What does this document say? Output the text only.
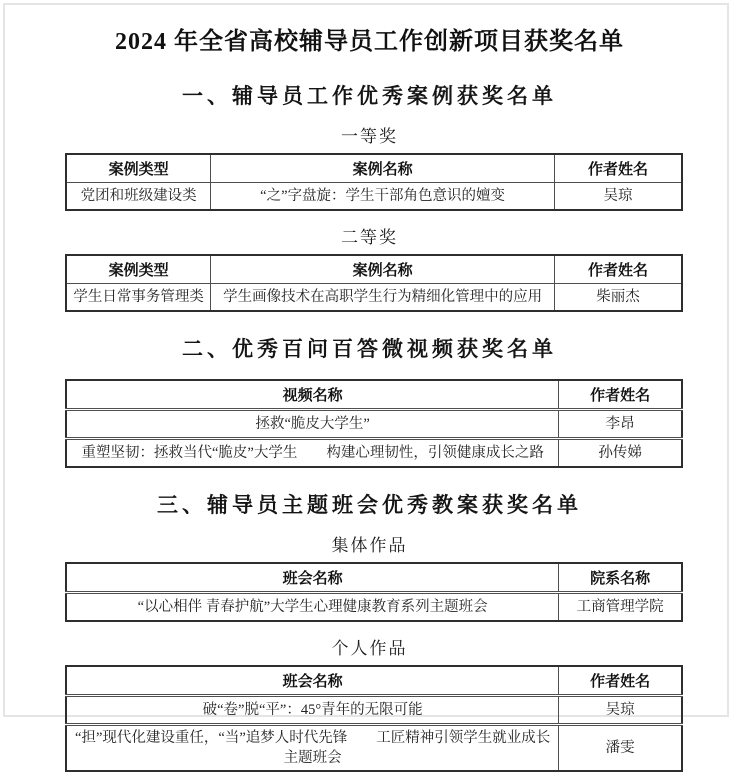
2024 年全省高校辅导员工作创新项目获奖名单
一、辅导员工作优秀案例获奖名单
一等奖
案例类型	案例名称	作者姓名
党团和班级建设类	“之”字盘旋：学生干部角色意识的嬗变	吴琼
二等奖
案例类型	案例名称	作者姓名
学生日常事务管理类	学生画像技术在高职学生行为精细化管理中的应用	柴丽杰
二、优秀百问百答微视频获奖名单
视频名称	作者姓名
拯救“脆皮大学生”	李昂
重塑坚韧：拯救当代“脆皮”大学生　　构建心理韧性，引领健康成长之路	孙传娣
三、辅导员主题班会优秀教案获奖名单
集体作品
班会名称	院系名称
“以心相伴 青春护航”大学生心理健康教育系列主题班会	工商管理学院
个人作品
班会名称	作者姓名
破“卷”脱“平”：45°青年的无限可能	吴琼
“担”现代化建设重任，“当”追梦人时代先锋　　工匠精神引领学生就业成长主题班会	潘雯
